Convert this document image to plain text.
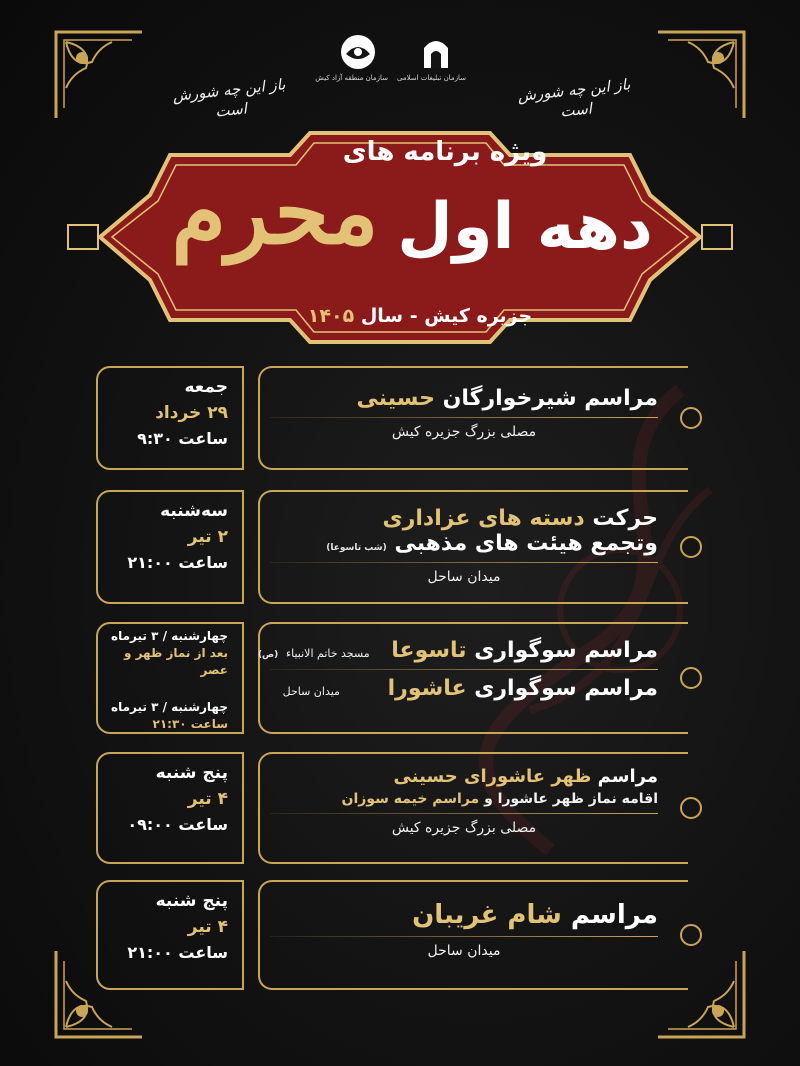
باز این چه شورش است
باز این چه شورش است
سازمان منطقه آزاد کیش سازمان تبلیغات اسلامی
ویژه برنامه های
دهه اول
محرم
جزیره کیش - سال ۱۴۰۵
جمعه
۲۹ خرداد
ساعت ۹:۳۰
مراسم شیرخوارگان حسینی
مصلی بزرگ جزیره کیش
سه‌شنبه
۲ تیر
ساعت ۲۱:۰۰
حرکت دسته های عزاداری
وتجمع هیئت های مذهبی (شب تاسوعا)
میدان ساحل
چهارشنبه / ۳ تیرماه
بعد از نماز ظهر و عصر
چهارشنبه / ۳ تیرماه
ساعت ۲۱:۳۰
مراسم سوگواری تاسوعا مسجد خاتم الانبیاء (ص)
مراسم سوگواری عاشورا میدان ساحل
پنج شنبه
۴ تیر
ساعت ۰۹:۰۰
مراسم ظهر عاشورای حسینی
اقامه نماز ظهر عاشورا و مراسم خیمه سوزان
مصلی بزرگ جزیره کیش
پنج شنبه
۴ تیر
ساعت ۲۱:۰۰
مراسم شام غریبان
میدان ساحل
